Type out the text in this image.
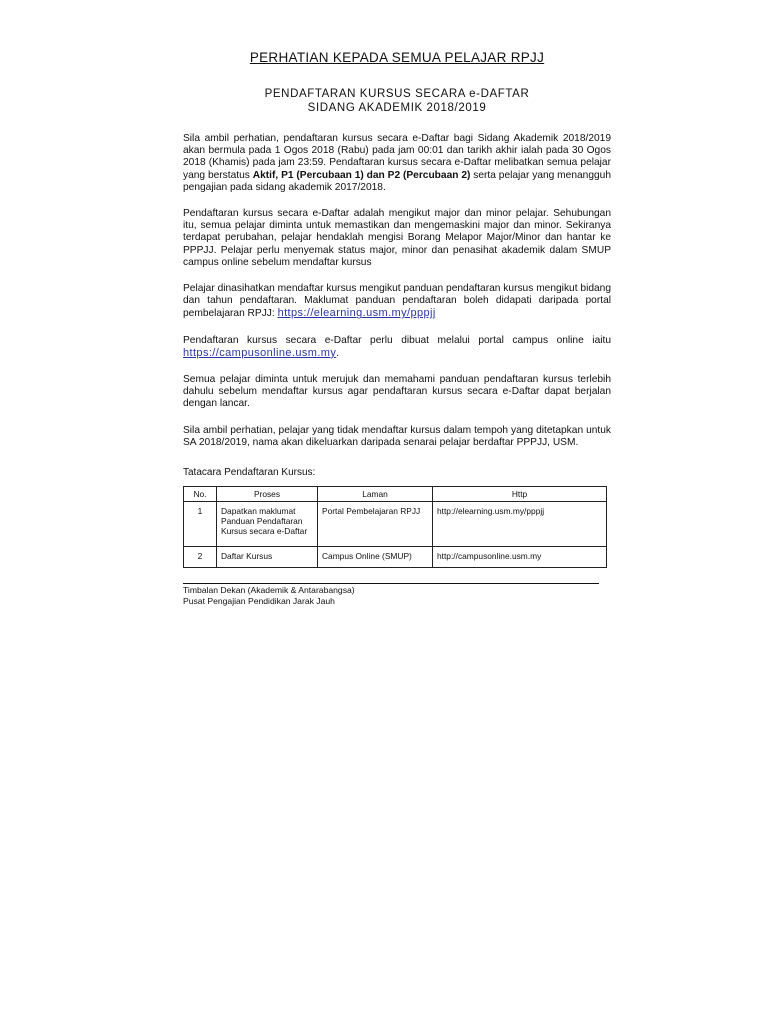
PERHATIAN KEPADA SEMUA PELAJAR RPJJ
PENDAFTARAN KURSUS SECARA e-DAFTAR
SIDANG AKADEMIK 2018/2019

Sila ambil perhatian, pendaftaran kursus secara e-Daftar bagi Sidang Akademik 2018/2019 akan bermula pada 1 Ogos 2018 (Rabu) pada jam 00:01 dan tarikh akhir ialah pada 30 Ogos 2018 (Khamis) pada jam 23:59. Pendaftaran kursus secara e-Daftar melibatkan semua pelajar yang berstatus Aktif, P1 (Percubaan 1) dan P2 (Percubaan 2) serta pelajar yang menangguh pengajian pada sidang akademik 2017/2018.

Pendaftaran kursus secara e-Daftar adalah mengikut major dan minor pelajar. Sehubungan itu, semua pelajar diminta untuk memastikan dan mengemaskini major dan minor. Sekiranya terdapat perubahan, pelajar hendaklah mengisi Borang Melapor Major/Minor dan hantar ke PPPJJ. Pelajar perlu menyemak status major, minor dan penasihat akademik dalam SMUP campus online sebelum mendaftar kursus

Pelajar dinasihatkan mendaftar kursus mengikut panduan pendaftaran kursus mengikut bidang dan tahun pendaftaran. Maklumat panduan pendaftaran boleh didapati daripada portal pembelajaran RPJJ: https://elearning.usm.my/pppjj

Pendaftaran kursus secara e-Daftar perlu dibuat melalui portal campus online iaitu https://campusonline.usm.my.

Semua pelajar diminta untuk merujuk dan memahami panduan pendaftaran kursus terlebih dahulu sebelum mendaftar kursus agar pendaftaran kursus secara e-Daftar dapat berjalan dengan lancar.

Sila ambil perhatian, pelajar yang tidak mendaftar kursus dalam tempoh yang ditetapkan untuk SA 2018/2019, nama akan dikeluarkan daripada senarai pelajar berdaftar PPPJJ, USM.

Tatacara Pendaftaran Kursus:
No.	Proses	Laman	Http
1	Dapatkan maklumat Panduan Pendaftaran Kursus secara e-Daftar	Portal Pembelajaran RPJJ	http://elearning.usm.my/pppjj
2	Daftar Kursus	Campus Online (SMUP)	http://campusonline.usm.my
Timbalan Dekan (Akademik & Antarabangsa)
Pusat Pengajian Pendidikan Jarak Jauh
